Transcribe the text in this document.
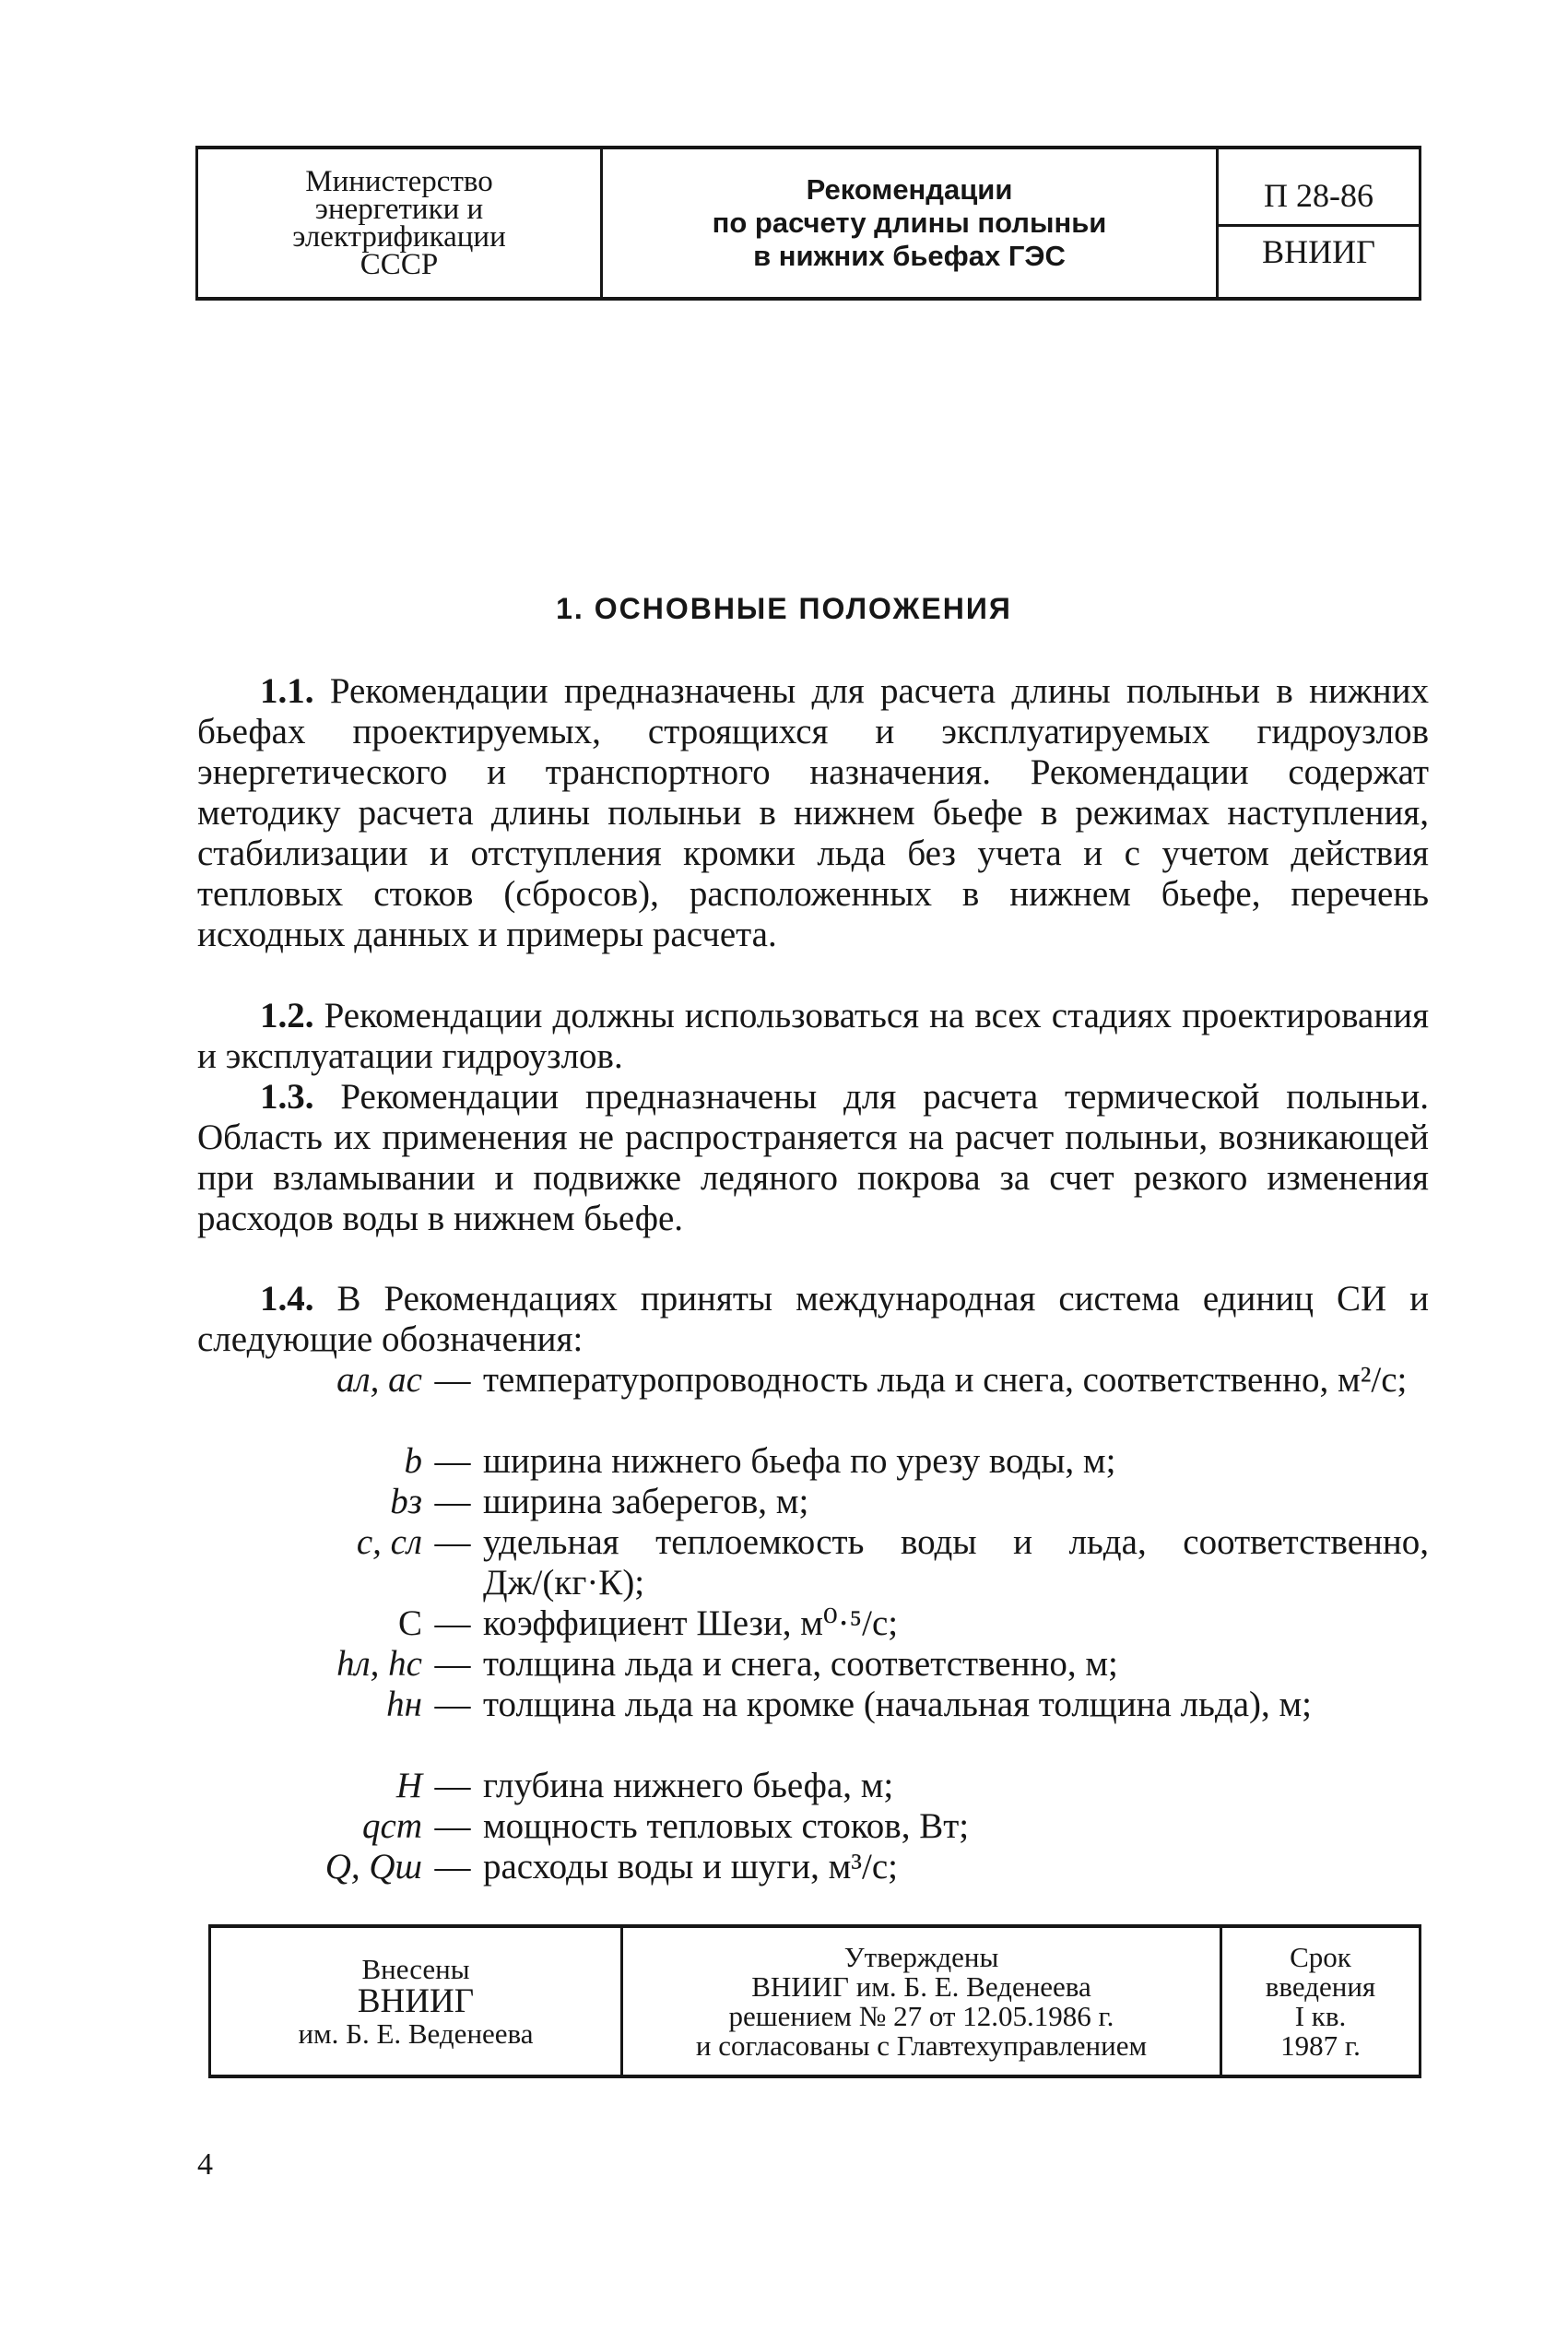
Министерство
энергетики и
электрификации
СССР
Рекомендации
по расчету длины полыньи
в нижних бьефах ГЭС
П 28-86
ВНИИГ
1. ОСНОВНЫЕ ПОЛОЖЕНИЯ
1.1. Рекомендации предназначены для расчета длины полыньи в нижних бьефах проектируемых, строящихся и эксплуатируемых гидроузлов энергетического и транспортного назначения. Рекомендации содержат методику расчета длины полыньи в нижнем бьефе в режимах наступления, стабилизации и отступления кромки льда без учета и с учетом действия тепловых стоков (сбросов), расположенных в нижнем бьефе, перечень исходных данных и примеры расчета.
1.2. Рекомендации должны использоваться на всех стадиях проектирования и эксплуатации гидроузлов.
1.3. Рекомендации предназначены для расчета термической полыньи. Область их применения не распространяется на расчет полыньи, возникающей при взламывании и подвижке ледяного покрова за счет резкого изменения расходов воды в нижнем бьефе.
1.4. В Рекомендациях приняты международная система единиц СИ и следующие обозначения:
aл, aс — температуропроводность льда и снега, соответственно, м²/с;
b — ширина нижнего бьефа по урезу воды, м;
bз — ширина заберегов, м;
c, cл — удельная теплоемкость воды и льда, соответственно, Дж/(кг·К);
C — коэффициент Шези, м⁰·⁵/с;
hл, hс — толщина льда и снега, соответственно, м;
hн — толщина льда на кромке (начальная толщина льда), м;
H — глубина нижнего бьефа, м;
qст — мощность тепловых стоков, Вт;
Q, Qш — расходы воды и шуги, м³/с;
Внесены
ВНИИГ
им. Б. Е. Веденеева
Утверждены
ВНИИГ им. Б. Е. Веденеева
решением № 27 от 12.05.1986 г.
и согласованы с Главтехуправлением
Срок
введения
I кв.
1987 г.
4
